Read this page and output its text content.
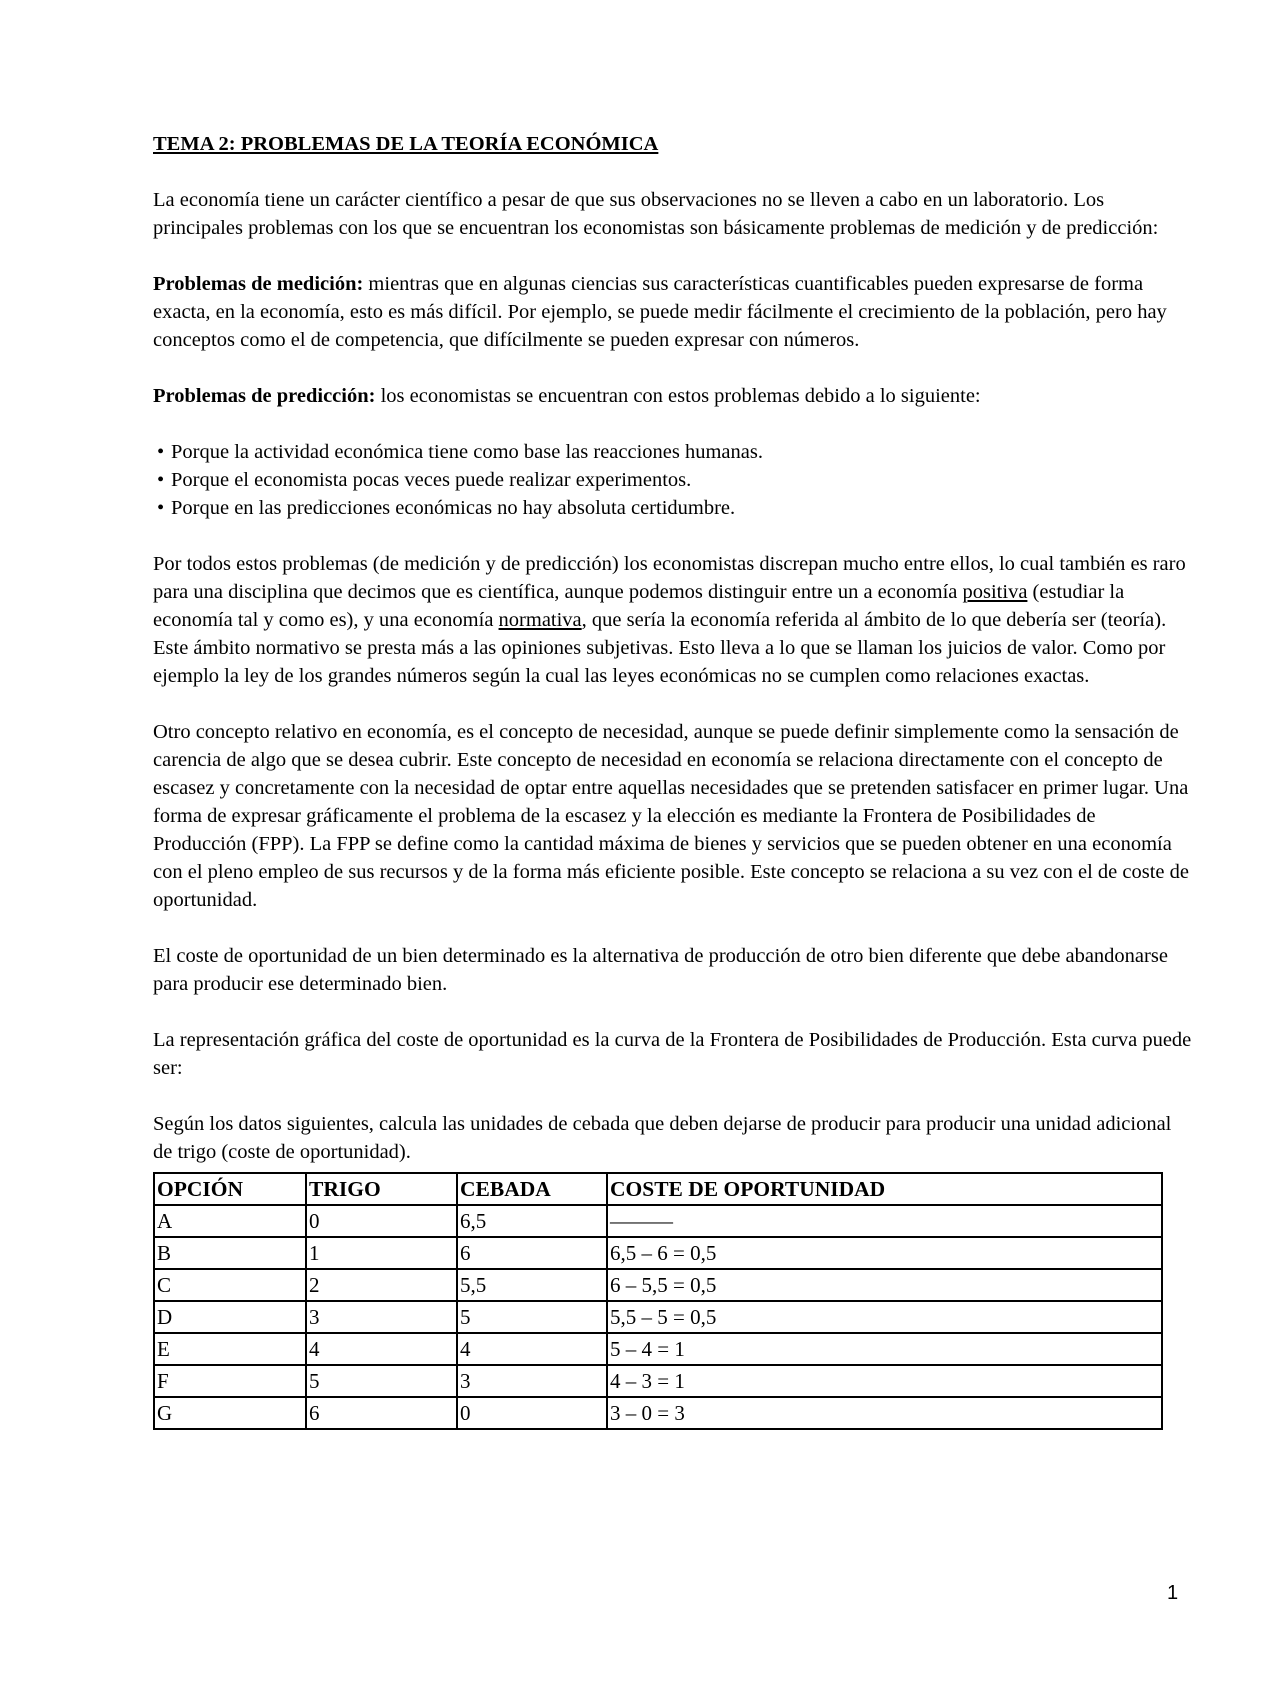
TEMA 2: PROBLEMAS DE LA TEORÍA ECONÓMICA

La economía tiene un carácter científico a pesar de que sus observaciones no se lleven a cabo en un laboratorio. Los principales problemas con los que se encuentran los economistas son básicamente problemas de medición y de predicción:

Problemas de medición: mientras que en algunas ciencias sus características cuantificables pueden expresarse de forma exacta, en la economía, esto es más difícil. Por ejemplo, se puede medir fácilmente el crecimiento de la población, pero hay conceptos como el de competencia, que difícilmente se pueden expresar con números.

Problemas de predicción: los economistas se encuentran con estos problemas debido a lo siguiente:

• Porque la actividad económica tiene como base las reacciones humanas.
• Porque el economista pocas veces puede realizar experimentos.
• Porque en las predicciones económicas no hay absoluta certidumbre.

Por todos estos problemas (de medición y de predicción) los economistas discrepan mucho entre ellos, lo cual también es raro para una disciplina que decimos que es científica, aunque podemos distinguir entre un a economía positiva (estudiar la economía tal y como es), y una economía normativa, que sería la economía referida al ámbito de lo que debería ser (teoría). Este ámbito normativo se presta más a las opiniones subjetivas. Esto lleva a lo que se llaman los juicios de valor. Como por ejemplo la ley de los grandes números según la cual las leyes económicas no se cumplen como relaciones exactas.

Otro concepto relativo en economía, es el concepto de necesidad, aunque se puede definir simplemente como la sensación de carencia de algo que se desea cubrir. Este concepto de necesidad en economía se relaciona directamente con el concepto de escasez y concretamente con la necesidad de optar entre aquellas necesidades que se pretenden satisfacer en primer lugar. Una forma de expresar gráficamente el problema de la escasez y la elección es mediante la Frontera de Posibilidades de Producción (FPP). La FPP se define como la cantidad máxima de bienes y servicios que se pueden obtener en una economía con el pleno empleo de sus recursos y de la forma más eficiente posible. Este concepto se relaciona a su vez con el de coste de oportunidad.

El coste de oportunidad de un bien determinado es la alternativa de producción de otro bien diferente que debe abandonarse para producir ese determinado bien.

La representación gráfica del coste de oportunidad es la curva de la Frontera de Posibilidades de Producción. Esta curva puede ser:

Según los datos siguientes, calcula las unidades de cebada que deben dejarse de producir para producir una unidad adicional de trigo (coste de oportunidad).

OPCIÓN	TRIGO	CEBADA	COSTE DE OPORTUNIDAD
A	0	6,5	––––––
B	1	6	6,5 – 6 = 0,5
C	2	5,5	6 – 5,5 = 0,5
D	3	5	5,5 – 5 = 0,5
E	4	4	5 – 4 = 1
F	5	3	4 – 3 = 1
G	6	0	3 – 0 = 3
1
